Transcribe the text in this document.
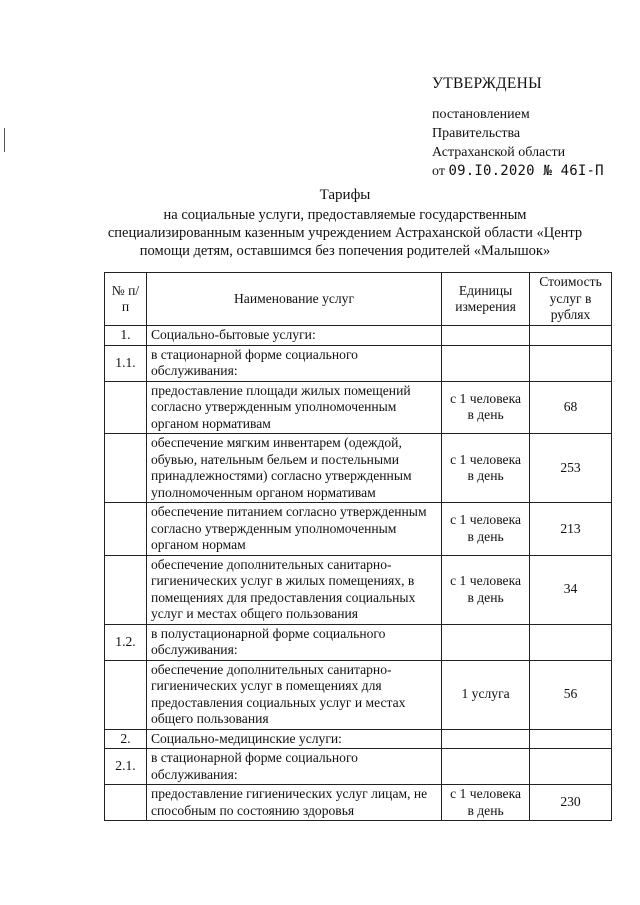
УТВЕРЖДЕНЫ
постановлением
Правительства
Астраханской области
от 09.I0.2020 № 46I-П
Тарифы
на социальные услуги, предоставляемые государственным специализированным казенным учреждением Астраханской области «Центр помощи детям, оставшимся без попечения родителей «Малышок»
№ п/п	Наименование услуг	Единицы измерения	Стоимость услуг в рублях
1.	Социально-бытовые услуги:		
1.1.	в стационарной форме социального обслуживания:		
	предоставление площади жилых помещений согласно утвержденным уполномоченным органом нормативам	с 1 человека в день	68
	обеспечение мягким инвентарем (одеждой, обувью, нательным бельем и постельными принадлежностями) согласно утвержденным уполномоченным органом нормативам	с 1 человека в день	253
	обеспечение питанием согласно утвержденным согласно утвержденным уполномоченным органом нормам	с 1 человека в день	213
	обеспечение дополнительных санитарно-гигиенических услуг в жилых помещениях, в помещениях для предоставления социальных услуг и местах общего пользования	с 1 человека в день	34
1.2.	в полустационарной форме социального обслуживания:		
	обеспечение дополнительных санитарно-гигиенических услуг в помещениях для предоставления социальных услуг и местах общего пользования	1 услуга	56
2.	Социально-медицинские услуги:		
2.1.	в стационарной форме социального обслуживания:		
	предоставление гигиенических услуг лицам, не способным по состоянию здоровья	с 1 человека в день	230
